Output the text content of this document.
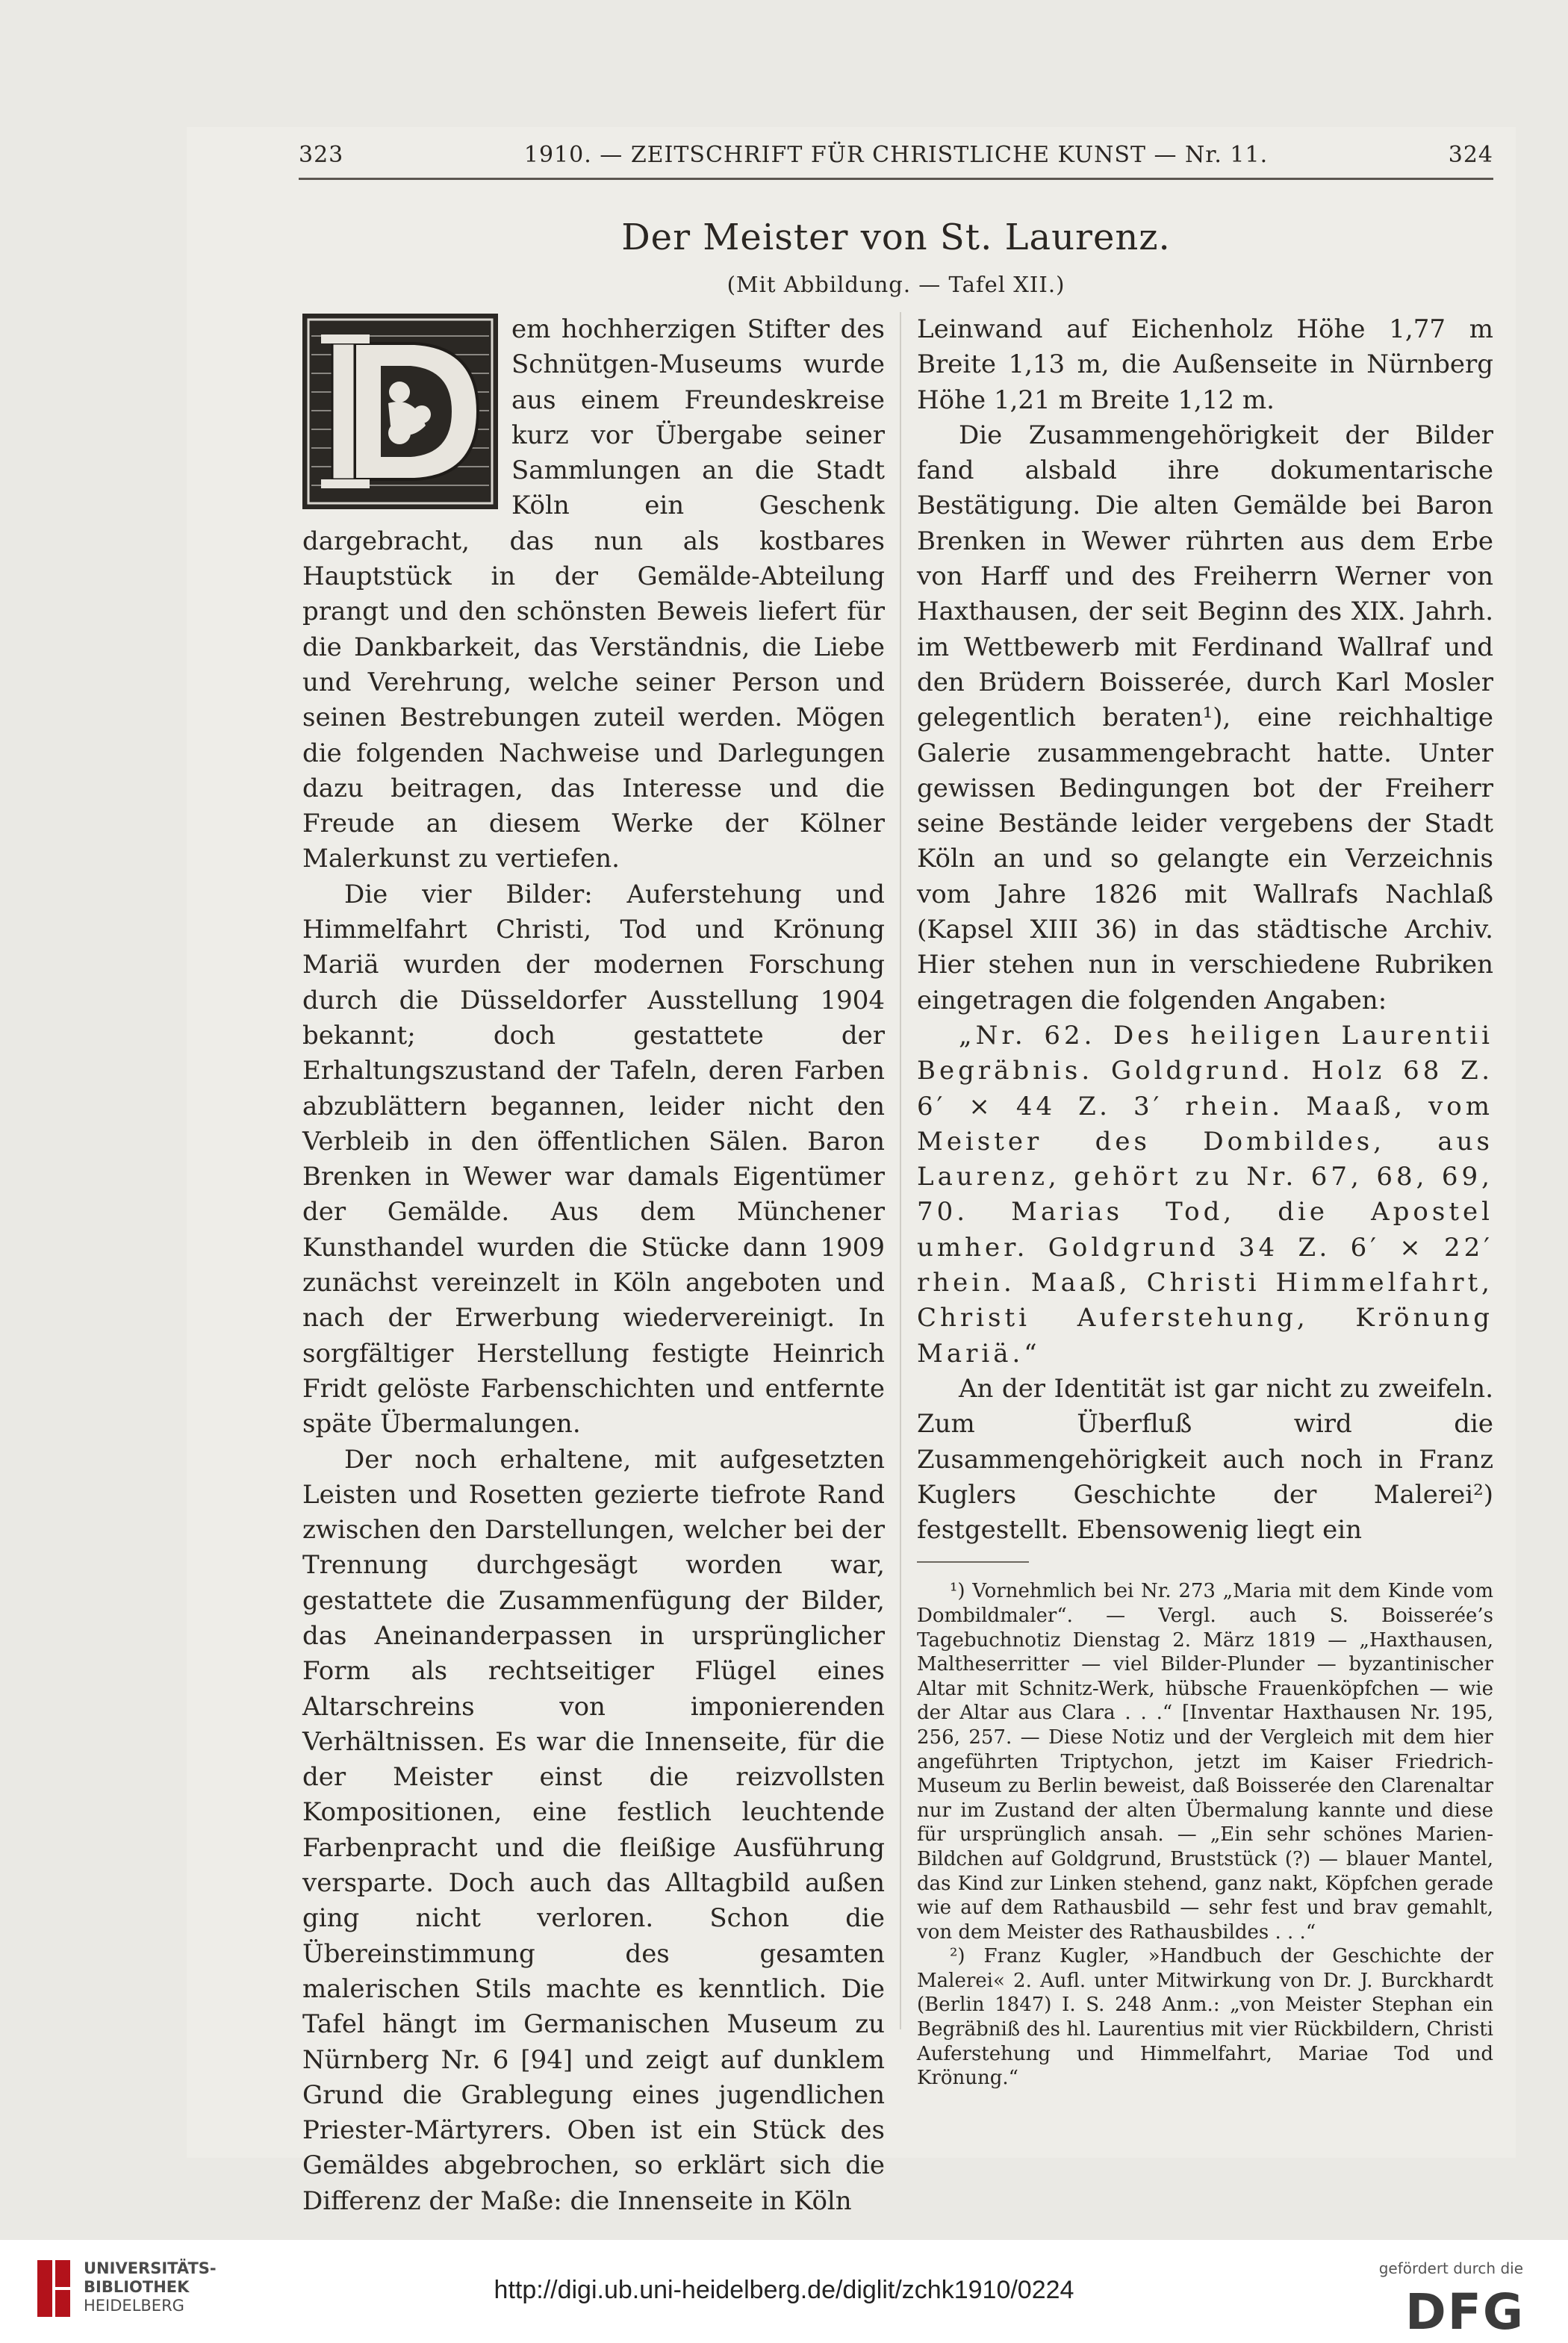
323	1910. — ZEITSCHRIFT FÜR CHRISTLICHE KUNST — Nr. 11.	324
Der Meister von St. Laurenz.
(Mit Abbildung. — Tafel XII.)

em hochherzigen Stifter des Schnütgen-Museums wurde aus einem Freundeskreise kurz vor Übergabe seiner Sammlungen an die Stadt Köln ein Geschenk dargebracht, das nun als kostbares Hauptstück in der Gemälde-Abteilung prangt und den schönsten Beweis liefert für die Dankbarkeit, das Verständnis, die Liebe und Verehrung, welche seiner Person und seinen Bestrebungen zuteil werden. Mögen die folgenden Nachweise und Darlegungen dazu beitragen, das Interesse und die Freude an diesem Werke der Kölner Malerkunst zu vertiefen.

Die vier Bilder: Auferstehung und Himmelfahrt Christi, Tod und Krönung Mariä wurden der modernen Forschung durch die Düsseldorfer Ausstellung 1904 bekannt; doch gestattete der Erhaltungszustand der Tafeln, deren Farben abzublättern begannen, leider nicht den Verbleib in den öffentlichen Sälen. Baron Brenken in Wewer war damals Eigentümer der Gemälde. Aus dem Münchener Kunsthandel wurden die Stücke dann 1909 zunächst vereinzelt in Köln angeboten und nach der Erwerbung wiedervereinigt. In sorgfältiger Herstellung festigte Heinrich Fridt gelöste Farbenschichten und entfernte späte Übermalungen.

Der noch erhaltene, mit aufgesetzten Leisten und Rosetten gezierte tiefrote Rand zwischen den Darstellungen, welcher bei der Trennung durchgesägt worden war, gestattete die Zusammenfügung der Bilder, das Aneinanderpassen in ursprünglicher Form als rechtseitiger Flügel eines Altarschreins von imponierenden Verhältnissen. Es war die Innenseite, für die der Meister einst die reizvollsten Kompositionen, eine festlich leuchtende Farbenpracht und die fleißige Ausführung versparte. Doch auch das Alltagbild außen ging nicht verloren. Schon die Übereinstimmung des gesamten malerischen Stils machte es kenntlich. Die Tafel hängt im Germanischen Museum zu Nürnberg Nr. 6 [94] und zeigt auf dunklem Grund die Grablegung eines jugendlichen Priester-Märtyrers. Oben ist ein Stück des Gemäldes abgebrochen, so erklärt sich die Differenz der Maße: die Innenseite in Köln

Leinwand auf Eichenholz Höhe 1,77 m Breite 1,13 m, die Außenseite in Nürnberg Höhe 1,21 m Breite 1,12 m.

Die Zusammengehörigkeit der Bilder fand alsbald ihre dokumentarische Bestätigung. Die alten Gemälde bei Baron Brenken in Wewer rührten aus dem Erbe von Harff und des Freiherrn Werner von Haxthausen, der seit Beginn des XIX. Jahrh. im Wettbewerb mit Ferdinand Wallraf und den Brüdern Boisserée, durch Karl Mosler gelegentlich beraten¹), eine reichhaltige Galerie zusammengebracht hatte. Unter gewissen Bedingungen bot der Freiherr seine Bestände leider vergebens der Stadt Köln an und so gelangte ein Verzeichnis vom Jahre 1826 mit Wallrafs Nachlaß (Kapsel XIII 36) in das städtische Archiv. Hier stehen nun in verschiedene Rubriken eingetragen die folgenden Angaben:

„Nr. 62. Des heiligen Laurentii Begräbnis. Goldgrund. Holz 68 Z. 6′ × 44 Z. 3′ rhein. Maaß, vom Meister des Dombildes, aus Laurenz, gehört zu Nr. 67, 68, 69, 70. Marias Tod, die Apostel umher. Goldgrund 34 Z. 6′ × 22′ rhein. Maaß, Christi Himmelfahrt, Christi Auferstehung, Krönung Mariä.“

An der Identität ist gar nicht zu zweifeln. Zum Überfluß wird die Zusammengehörigkeit auch noch in Franz Kuglers Geschichte der Malerei²) festgestellt. Ebensowenig liegt ein

¹) Vornehmlich bei Nr. 273 „Maria mit dem Kinde vom Dombildmaler“. — Vergl. auch S. Boisserée’s Tagebuchnotiz Dienstag 2. März 1819 — „Haxthausen, Maltheserritter — viel Bilder-Plunder — byzantinischer Altar mit Schnitz-Werk, hübsche Frauenköpfchen — wie der Altar aus Clara . . .“ [Inventar Haxthausen Nr. 195, 256, 257. — Diese Notiz und der Vergleich mit dem hier angeführten Triptychon, jetzt im Kaiser Friedrich-Museum zu Berlin beweist, daß Boisserée den Clarenaltar nur im Zustand der alten Übermalung kannte und diese für ursprünglich ansah. — „Ein sehr schönes Marien-Bildchen auf Goldgrund, Bruststück (?) — blauer Mantel, das Kind zur Linken stehend, ganz nakt, Köpfchen gerade wie auf dem Rathausbild — sehr fest und brav gemahlt, von dem Meister des Rathausbildes . . .“

²) Franz Kugler, »Handbuch der Geschichte der Malerei« 2. Aufl. unter Mitwirkung von Dr. J. Burckhardt (Berlin 1847) I. S. 248 Anm.: „von Meister Stephan ein Begräbniß des hl. Laurentius mit vier Rückbildern, Christi Auferstehung und Himmelfahrt, Mariae Tod und Krönung.“

UNIVERSITÄTS-
BIBLIOTHEK
HEIDELBERG
http://digi.ub.uni-heidelberg.de/diglit/zchk1910/0224
gefördert durch die
DFG
